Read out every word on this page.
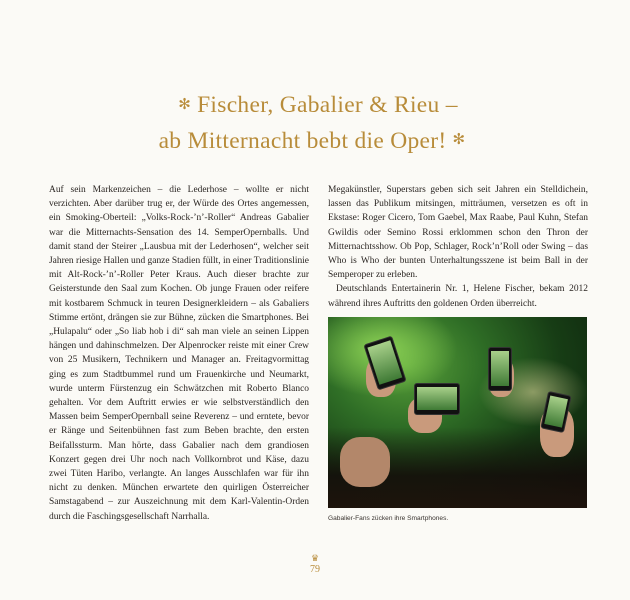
✻ Fischer, Gabalier & Rieu –
ab Mitternacht bebt die Oper! ✻

Auf sein Markenzeichen – die Lederhose – wollte er nicht verzichten. Aber darüber trug er, der Würde des Ortes angemessen, ein Smoking-Oberteil: „Volks-Rock-’n’-Roller“ Andreas Gabalier war die Mitternachts-Sensation des 14. SemperOpernballs. Und damit stand der Steirer „Lausbua mit der Lederhosen“, welcher seit Jahren riesige Hallen und ganze Stadien füllt, in einer Traditionslinie mit Alt-Rock-’n’-Roller Peter Kraus. Auch dieser brachte zur Geisterstunde den Saal zum Kochen. Ob junge Frauen oder reifere mit kostbarem Schmuck in teuren Designerkleidern – als Gabaliers Stimme ertönt, drängen sie zur Bühne, zücken die Smartphones. Bei „Hulapalu“ oder „So liab hob i di“ sah man viele an seinen Lippen hängen und dahinschmelzen. Der Alpenrocker reiste mit einer Crew von 25 Musikern, Technikern und Manager an. Freitagvormittag ging es zum Stadtbummel rund um Frauenkirche und Neumarkt, wurde unterm Fürstenzug ein Schwätzchen mit Roberto Blanco gehalten. Vor dem Auftritt erwies er wie selbstverständlich den Massen beim SemperOpernball seine Reverenz – und erntete, bevor er Ränge und Seitenbühnen fast zum Beben brachte, den ersten Beifallssturm. Man hörte, dass Gabalier nach dem grandiosen Konzert gegen drei Uhr noch nach Vollkornbrot und Käse, dazu zwei Tüten Haribo, verlangte. An langes Ausschlafen war für ihn nicht zu denken. München erwartete den quirligen Österreicher Samstagabend – zur Auszeichnung mit dem Karl-Valentin-Orden durch die Faschingsgesellschaft Narrhalla.

Megakünstler, Superstars geben sich seit Jahren ein Stelldichein, lassen das Publikum mitsingen, mitträumen, versetzen es oft in Ekstase: Roger Cicero, Tom Gaebel, Max Raabe, Paul Kuhn, Stefan Gwildis oder Semino Rossi erklommen schon den Thron der Mitternachtsshow. Ob Pop, Schlager, Rock’n’Roll oder Swing – das Who is Who der bunten Unterhaltungsszene ist beim Ball in der Semperoper zu erleben.

Deutschlands Entertainerin Nr. 1, Helene Fischer, bekam 2012 während ihres Auftritts den goldenen Orden überreicht.

Gabalier-Fans zücken ihre Smartphones.
♛
79
